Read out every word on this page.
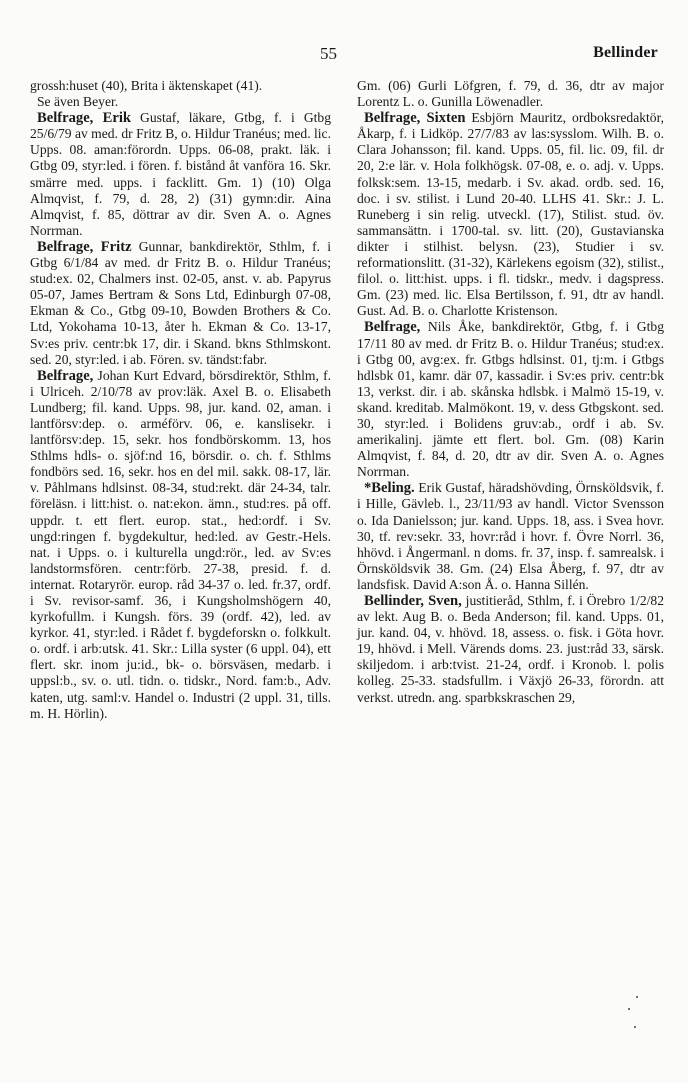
55	Bellinder

grossh:huset (40), Brita i äktenskapet (41).

Se även Beyer.

Belfrage, Erik Gustaf, läkare, Gtbg, f. i Gtbg 25/6/79 av med. dr Fritz B, o. Hildur Tranéus; med. lic. Upps. 08. aman:förordn. Upps. 06-08, prakt. läk. i Gtbg 09, styr:led. i fören. f. bistånd åt vanföra 16. Skr. smärre med. upps. i facklitt. Gm. 1) (10) Olga Almqvist, f. 79, d. 28, 2) (31) gymn:dir. Aina Almqvist, f. 85, döttrar av dir. Sven A. o. Agnes Norrman.

Belfrage, Fritz Gunnar, bankdirektör, Sthlm, f. i Gtbg 6/1/84 av med. dr Fritz B. o. Hildur Tranéus; stud:ex. 02, Chalmers inst. 02-05, anst. v. ab. Papyrus 05-07, James Bertram & Sons Ltd, Edinburgh 07-08, Ekman & Co., Gtbg 09-10, Bowden Brothers & Co. Ltd, Yokohama 10-13, åter h. Ekman & Co. 13-17, Sv:es priv. centr:bk 17, dir. i Skand. bkns Sthlmskont. sed. 20, styr:led. i ab. Fören. sv. tändst:fabr.

Belfrage, Johan Kurt Edvard, börsdirektör, Sthlm, f. i Ulriceh. 2/10/78 av prov:läk. Axel B. o. Elisabeth Lundberg; fil. kand. Upps. 98, jur. kand. 02, aman. i lantförsv:dep. o. arméförv. 06, e. kanslisekr. i lantförsv:dep. 15, sekr. hos fondbörskomm. 13, hos Sthlms hdls- o. sjöf:nd 16, börsdir. o. ch. f. Sthlms fondbörs sed. 16, sekr. hos en del mil. sakk. 08-17, lär. v. Påhlmans hdlsinst. 08-34, stud:rekt. där 24-34, talr. föreläsn. i litt:hist. o. nat:ekon. ämn., stud:res. på off. uppdr. t. ett flert. europ. stat., hed:ordf. i Sv. ungd:ringen f. bygdekultur, hed:led. av Gestr.-Hels. nat. i Upps. o. i kulturella ungd:rör., led. av Sv:es landstormsfören. centr:förb. 27-38, presid. f. d. internat. Rotaryrör. europ. råd 34-37 o. led. fr.37, ordf. i Sv. revisor-samf. 36, i Kungsholmshögern 40, kyrkofullm. i Kungsh. förs. 39 (ordf. 42), led. av kyrkor. 41, styr:led. i Rådet f. bygdeforskn o. folkkult. o. ordf. i arb:utsk. 41. Skr.: Lilla syster (6 uppl. 04), ett flert. skr. inom ju:id., bk- o. börsväsen, medarb. i uppsl:b., sv. o. utl. tidn. o. tidskr., Nord. fam:b., Adv. katen, utg. saml:v. Handel o. Industri (2 uppl. 31, tills. m. H. Hörlin).

Gm. (06) Gurli Löfgren, f. 79, d. 36, dtr av major Lorentz L. o. Gunilla Löwenadler.

Belfrage, Sixten Esbjörn Mauritz, ordboksredaktör, Åkarp, f. i Lidköp. 27/7/83 av las:sysslom. Wilh. B. o. Clara Johansson; fil. kand. Upps. 05, fil. lic. 09, fil. dr 20, 2:e lär. v. Hola folkhögsk. 07-08, e. o. adj. v. Upps. folksk:sem. 13-15, medarb. i Sv. akad. ordb. sed. 16, doc. i sv. stilist. i Lund 20-40. LLHS 41. Skr.: J. L. Runeberg i sin relig. utveckl. (17), Stilist. stud. öv. sammansättn. i 1700-tal. sv. litt. (20), Gustavianska dikter i stilhist. belysn. (23), Studier i sv. reformationslitt. (31-32), Kärlekens egoism (32), stilist., filol. o. litt:hist. upps. i fl. tidskr., medv. i dagspress. Gm. (23) med. lic. Elsa Bertilsson, f. 91, dtr av handl. Gust. Ad. B. o. Charlotte Kristenson.

Belfrage, Nils Åke, bankdirektör, Gtbg, f. i Gtbg 17/11 80 av med. dr Fritz B. o. Hildur Tranéus; stud:ex. i Gtbg 00, avg:ex. fr. Gtbgs hdlsinst. 01, tj:m. i Gtbgs hdlsbk 01, kamr. där 07, kassadir. i Sv:es priv. centr:bk 13, verkst. dir. i ab. skånska hdlsbk. i Malmö 15-19, v. skand. kreditab. Malmökont. 19, v. dess Gtbgskont. sed. 30, styr:led. i Bolidens gruv:ab., ordf i ab. Sv. amerikalinj. jämte ett flert. bol. Gm. (08) Karin Almqvist, f. 84, d. 20, dtr av dir. Sven A. o. Agnes Norrman.

*Beling. Erik Gustaf, häradshövding, Örnsköldsvik, f. i Hille, Gävleb. l., 23/11/93 av handl. Victor Svensson o. Ida Danielsson; jur. kand. Upps. 18, ass. i Svea hovr. 30, tf. rev:sekr. 33, hovr:råd i hovr. f. Övre Norrl. 36, hhövd. i Ångermanl. n doms. fr. 37, insp. f. samrealsk. i Örnsköldsvik 38. Gm. (24) Elsa Åberg, f. 97, dtr av landsfisk. David A:son Å. o. Hanna Sillén.

Bellinder, Sven, justitieråd, Sthlm, f. i Örebro 1/2/82 av lekt. Aug B. o. Beda Anderson; fil. kand. Upps. 01, jur. kand. 04, v. hhövd. 18, assess. o. fisk. i Göta hovr. 19, hhövd. i Mell. Värends doms. 23. just:råd 33, särsk. skiljedom. i arb:tvist. 21-24, ordf. i Kronob. l. polis kolleg. 25-33. stadsfullm. i Växjö 26-33, förordn. att verkst. utredn. ang. sparbkskraschen 29,
